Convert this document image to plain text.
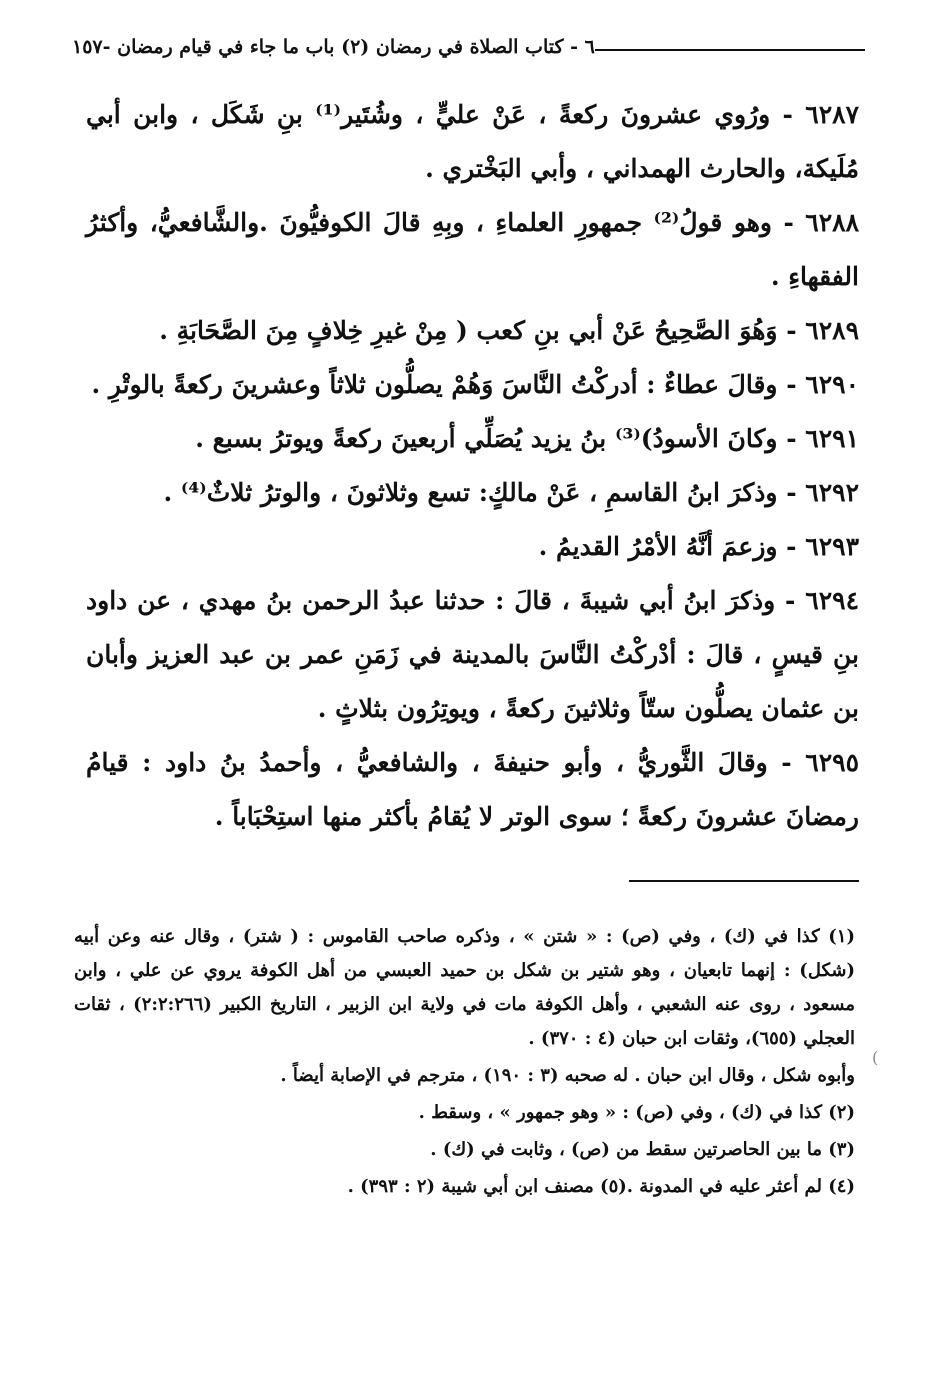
٦ - كتاب الصلاة في رمضان (٢) باب ما جاء في قيام رمضان -١٥٧

٦٢٨٧ - ورُوي عشرونَ ركعةً ، عَنْ عليٍّ ، وشُتَير⁽¹⁾ بنِ شَكَل ، وابن أبي مُلَيكة، والحارث الهمداني ، وأبي البَخْتري .

٦٢٨٨ - وهو قولُ⁽²⁾ جمهورِ العلماءِ ، وبِهِ قالَ الكوفيُّونَ .والشَّافعيُّ، وأكثرُ الفقهاءِ .

٦٢٨٩ - وَهُوَ الصَّحِيحُ عَنْ أبي بنِ كعب ( مِنْ غيرِ خِلافٍ مِنَ الصَّحَابَةِ .

٦٢٩٠ - وقالَ عطاءٌ : أدركْتُ النَّاسَ وَهُمْ يصلُّون ثلاثاً وعشرينَ ركعةً بالوتْرِ .

٦٢٩١ - وكانَ الأسودُ)⁽³⁾ بنُ يزيد يُصَلِّي أربعينَ ركعةً ويوترُ بسبع .

٦٢٩٢ - وذكرَ ابنُ القاسمِ ، عَنْ مالكٍ: تسع وثلاثونَ ، والوترُ ثلاثٌ⁽⁴⁾ .

٦٢٩٣ - وزعمَ أنَّهُ الأمْرُ القديمُ .

٦٢٩٤ - وذكرَ ابنُ أبي شيبةَ ، قالَ : حدثنا عبدُ الرحمن بنُ مهدي ، عن داود بنِ قيسٍ ، قالَ : أدْركْتُ النَّاسَ بالمدينة في زَمَنِ عمر بن عبد العزيز وأبان بن عثمان يصلُّون ستّاً وثلاثينَ ركعةً ، ويوتِرُون بثلاثٍ .

٦٢٩٥ - وقالَ الثَّوريُّ ، وأبو حنيفةَ ، والشافعيُّ ، وأحمدُ بنُ داود : قيامُ رمضانَ عشرونَ ركعةً ؛ سوى الوتر لا يُقامُ بأكثر منها استِحْبَاباً .

(١) كذا في (ك) ، وفي (ص) : « شتن » ، وذكره صاحب القاموس : ( شتر) ، وقال عنه وعن أبيه (شكل) : إنهما تابعيان ، وهو شتير بن شكل بن حميد العبسي من أهل الكوفة يروي عن علي ، وابن مسعود ، روى عنه الشعبي ، وأهل الكوفة مات في ولاية ابن الزبير ، التاريخ الكبير (٢:٢:٢٦٦) ، ثقات العجلي (٦٥٥)، وثقات ابن حبان (٤ : ٣٧٠) .

وأبوه شكل ، وقال ابن حبان . له صحبه (٣ : ١٩٠) ، مترجم في الإصابة أيضاً .

(٢) كذا في (ك) ، وفي (ص) : « وهو جمهور » ، وسقط .

(٣) ما بين الحاصرتين سقط من (ص) ، وثابت في (ك) .

(٤) لم أعثر عليه في المدونة .(٥) مصنف ابن أبي شيبة (٢ : ٣٩٣) .

(
